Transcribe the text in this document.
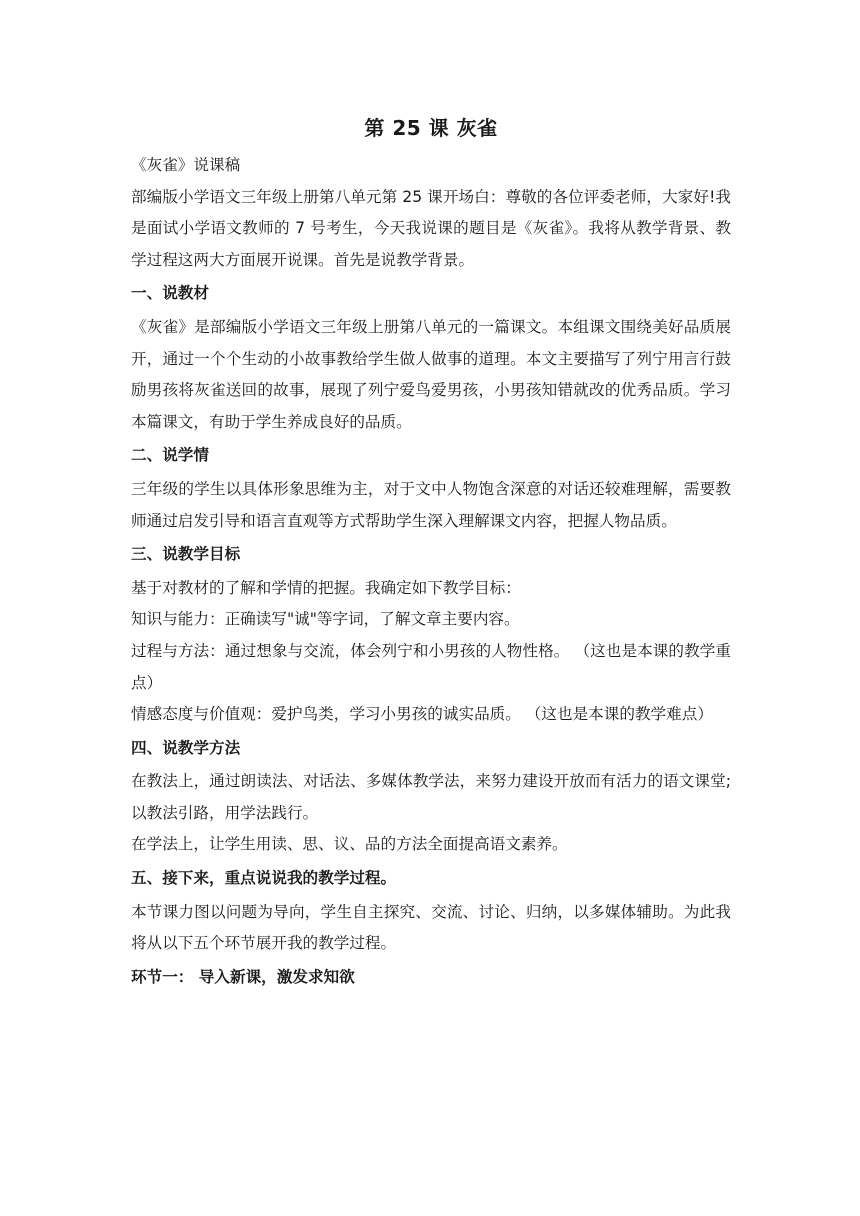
第 25 课 灰雀

《灰雀》说课稿

部编版小学语文三年级上册第八单元第 25 课开场白：尊敬的各位评委老师，大家好!我是面试小学语文教师的 7 号考生，今天我说课的题目是《灰雀》。我将从教学背景、教学过程这两大方面展开说课。首先是说教学背景。

一、说教材

《灰雀》是部编版小学语文三年级上册第八单元的一篇课文。本组课文围绕美好品质展开，通过一个个生动的小故事教给学生做人做事的道理。本文主要描写了列宁用言行鼓励男孩将灰雀送回的故事，展现了列宁爱鸟爱男孩，小男孩知错就改的优秀品质。学习本篇课文，有助于学生养成良好的品质。

二、说学情

三年级的学生以具体形象思维为主，对于文中人物饱含深意的对话还较难理解，需要教师通过启发引导和语言直观等方式帮助学生深入理解课文内容，把握人物品质。

三、说教学目标

基于对教材的了解和学情的把握。我确定如下教学目标：

知识与能力：正确读写"诚"等字词，了解文章主要内容。

过程与方法：通过想象与交流，体会列宁和小男孩的人物性格。 （这也是本课的教学重点）

情感态度与价值观：爱护鸟类，学习小男孩的诚实品质。 （这也是本课的教学难点）

四、说教学方法

在教法上，通过朗读法、对话法、多媒体教学法，来努力建设开放而有活力的语文课堂;以教法引路，用学法践行。

在学法上，让学生用读、思、议、品的方法全面提高语文素养。

五、接下来，重点说说我的教学过程。

本节课力图以问题为导向，学生自主探究、交流、讨论、归纳，以多媒体辅助。为此我将从以下五个环节展开我的教学过程。

环节一： 导入新课，激发求知欲
